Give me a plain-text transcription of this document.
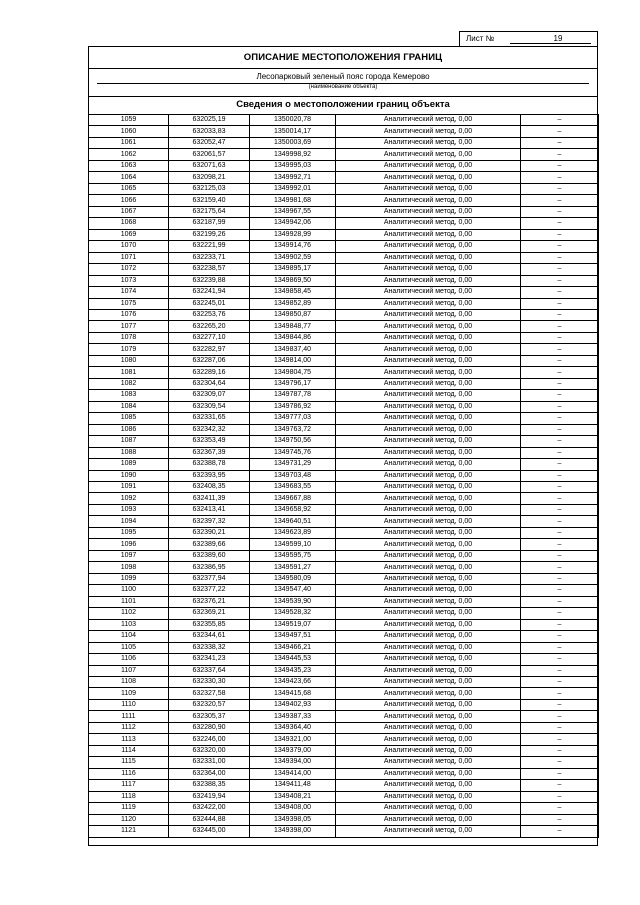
Лист №	19
ОПИСАНИЕ МЕСТОПОЛОЖЕНИЯ ГРАНИЦ
Лесопарковый зеленый пояс города Кемерово
(наименование объекта)
Сведения о местоположении границ объекта
1059	632025,19	1350020,78	Аналитический метод, 0,00	–
1060	632033,83	1350014,17	Аналитический метод, 0,00	–
1061	632052,47	1350003,69	Аналитический метод, 0,00	–
1062	632061,57	1349998,92	Аналитический метод, 0,00	–
1063	632071,63	1349995,03	Аналитический метод, 0,00	–
1064	632098,21	1349992,71	Аналитический метод, 0,00	–
1065	632125,03	1349992,01	Аналитический метод, 0,00	–
1066	632159,40	1349981,68	Аналитический метод, 0,00	–
1067	632175,64	1349967,55	Аналитический метод, 0,00	–
1068	632187,99	1349942,06	Аналитический метод, 0,00	–
1069	632199,26	1349928,99	Аналитический метод, 0,00	–
1070	632221,99	1349914,76	Аналитический метод, 0,00	–
1071	632233,71	1349902,59	Аналитический метод, 0,00	–
1072	632238,57	1349895,17	Аналитический метод, 0,00	–
1073	632239,88	1349869,50	Аналитический метод, 0,00	–
1074	632241,94	1349858,45	Аналитический метод, 0,00	–
1075	632245,01	1349852,89	Аналитический метод, 0,00	–
1076	632253,76	1349850,87	Аналитический метод, 0,00	–
1077	632265,20	1349848,77	Аналитический метод, 0,00	–
1078	632277,10	1349844,86	Аналитический метод, 0,00	–
1079	632282,97	1349837,40	Аналитический метод, 0,00	–
1080	632287,06	1349814,00	Аналитический метод, 0,00	–
1081	632289,16	1349804,75	Аналитический метод, 0,00	–
1082	632304,64	1349796,17	Аналитический метод, 0,00	–
1083	632309,07	1349787,78	Аналитический метод, 0,00	–
1084	632309,54	1349786,92	Аналитический метод, 0,00	–
1085	632331,65	1349777,03	Аналитический метод, 0,00	–
1086	632342,32	1349763,72	Аналитический метод, 0,00	–
1087	632353,49	1349750,56	Аналитический метод, 0,00	–
1088	632367,39	1349745,76	Аналитический метод, 0,00	–
1089	632388,78	1349731,29	Аналитический метод, 0,00	–
1090	632393,95	1349703,48	Аналитический метод, 0,00	–
1091	632408,35	1349683,55	Аналитический метод, 0,00	–
1092	632411,39	1349667,88	Аналитический метод, 0,00	–
1093	632413,41	1349658,92	Аналитический метод, 0,00	–
1094	632397,32	1349640,51	Аналитический метод, 0,00	–
1095	632390,21	1349623,89	Аналитический метод, 0,00	–
1096	632389,66	1349599,10	Аналитический метод, 0,00	–
1097	632389,60	1349595,75	Аналитический метод, 0,00	–
1098	632386,95	1349591,27	Аналитический метод, 0,00	–
1099	632377,94	1349580,09	Аналитический метод, 0,00	–
1100	632377,22	1349547,40	Аналитический метод, 0,00	–
1101	632376,21	1349539,90	Аналитический метод, 0,00	–
1102	632369,21	1349528,32	Аналитический метод, 0,00	–
1103	632355,85	1349519,07	Аналитический метод, 0,00	–
1104	632344,61	1349497,51	Аналитический метод, 0,00	–
1105	632338,32	1349466,21	Аналитический метод, 0,00	–
1106	632341,23	1349445,53	Аналитический метод, 0,00	–
1107	632337,64	1349435,23	Аналитический метод, 0,00	–
1108	632330,30	1349423,66	Аналитический метод, 0,00	–
1109	632327,58	1349415,68	Аналитический метод, 0,00	–
1110	632320,57	1349402,93	Аналитический метод, 0,00	–
1111	632305,37	1349387,33	Аналитический метод, 0,00	–
1112	632280,90	1349364,40	Аналитический метод, 0,00	–
1113	632246,00	1349321,00	Аналитический метод, 0,00	–
1114	632320,00	1349379,00	Аналитический метод, 0,00	–
1115	632331,00	1349394,00	Аналитический метод, 0,00	–
1116	632364,00	1349414,00	Аналитический метод, 0,00	–
1117	632388,35	1349411,48	Аналитический метод, 0,00	–
1118	632419,94	1349408,21	Аналитический метод, 0,00	–
1119	632422,00	1349408,00	Аналитический метод, 0,00	–
1120	632444,88	1349398,05	Аналитический метод, 0,00	–
1121	632445,00	1349398,00	Аналитический метод, 0,00	–
